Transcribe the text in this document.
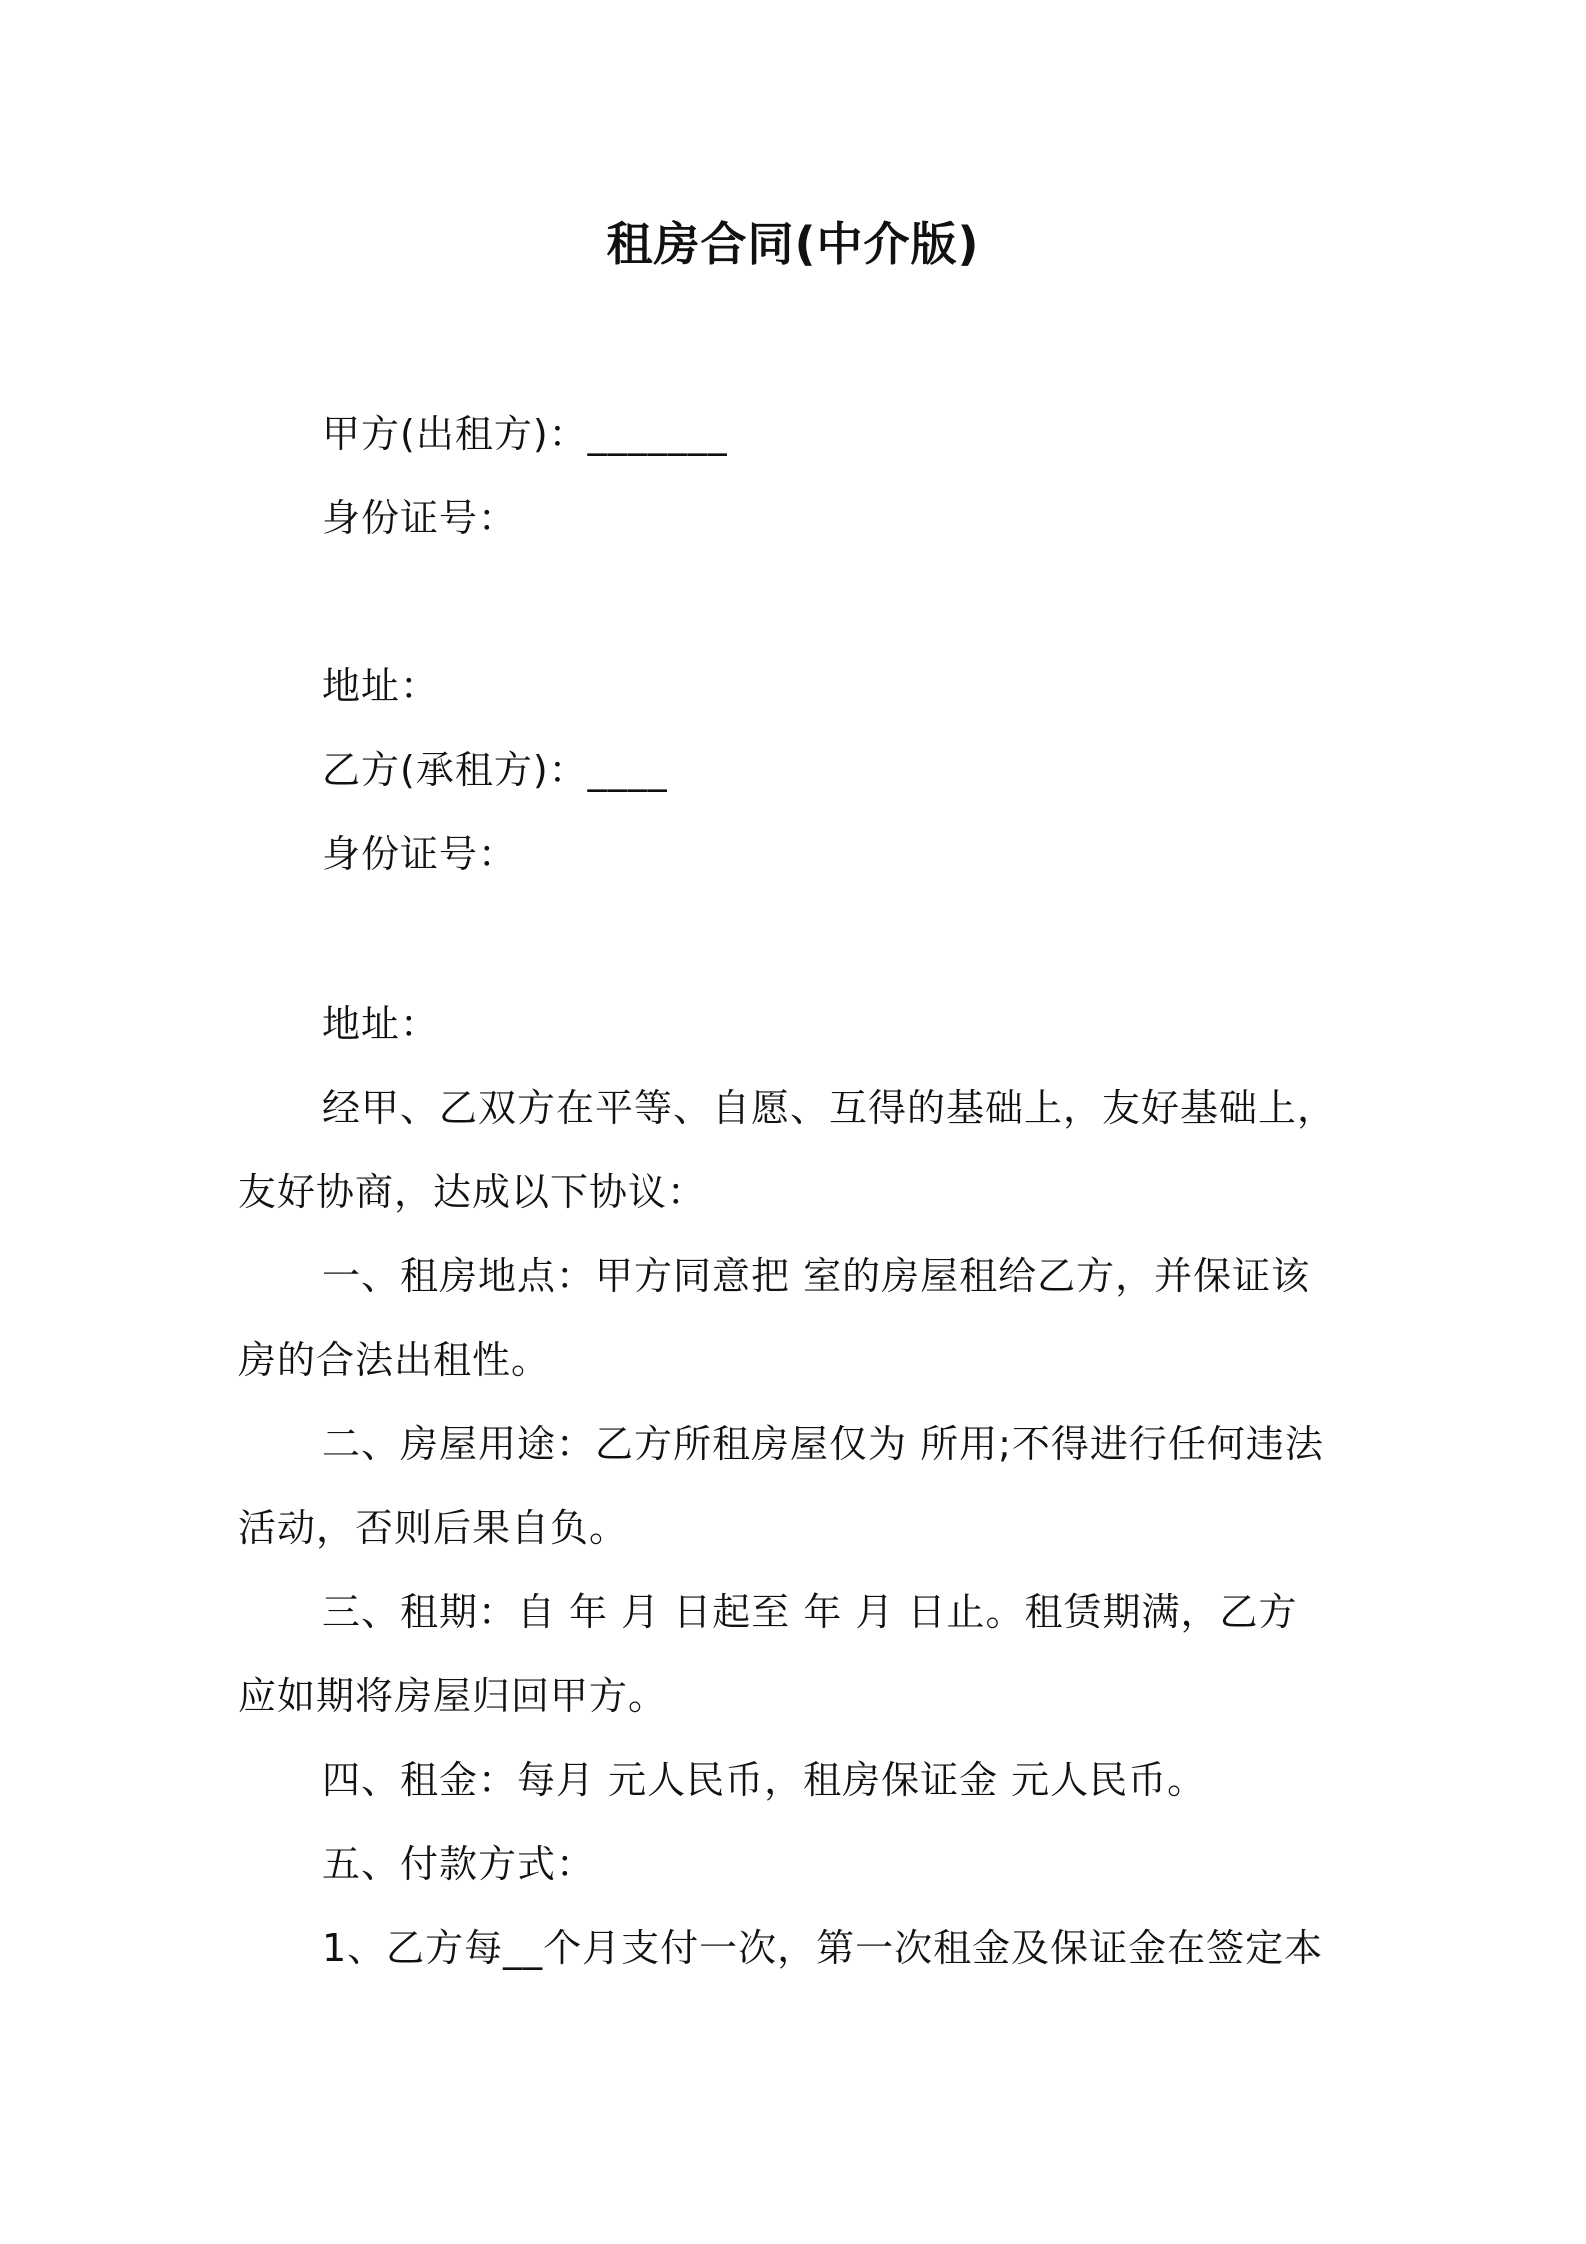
租房合同(中介版)
甲方(出租方)：_______
身份证号：
地址：
乙方(承租方)：____
身份证号：
地址：
经甲、乙双方在平等、自愿、互得的基础上，友好基础上，
友好协商，达成以下协议：
一、租房地点：甲方同意把 室的房屋租给乙方，并保证该
房的合法出租性。
二、房屋用途：乙方所租房屋仅为 所用;不得进行任何违法
活动，否则后果自负。
三、租期：自 年 月 日起至 年 月 日止。租赁期满，乙方
应如期将房屋归回甲方。
四、租金：每月 元人民币，租房保证金 元人民币。
五、付款方式：
1、乙方每__个月支付一次，第一次租金及保证金在签定本
